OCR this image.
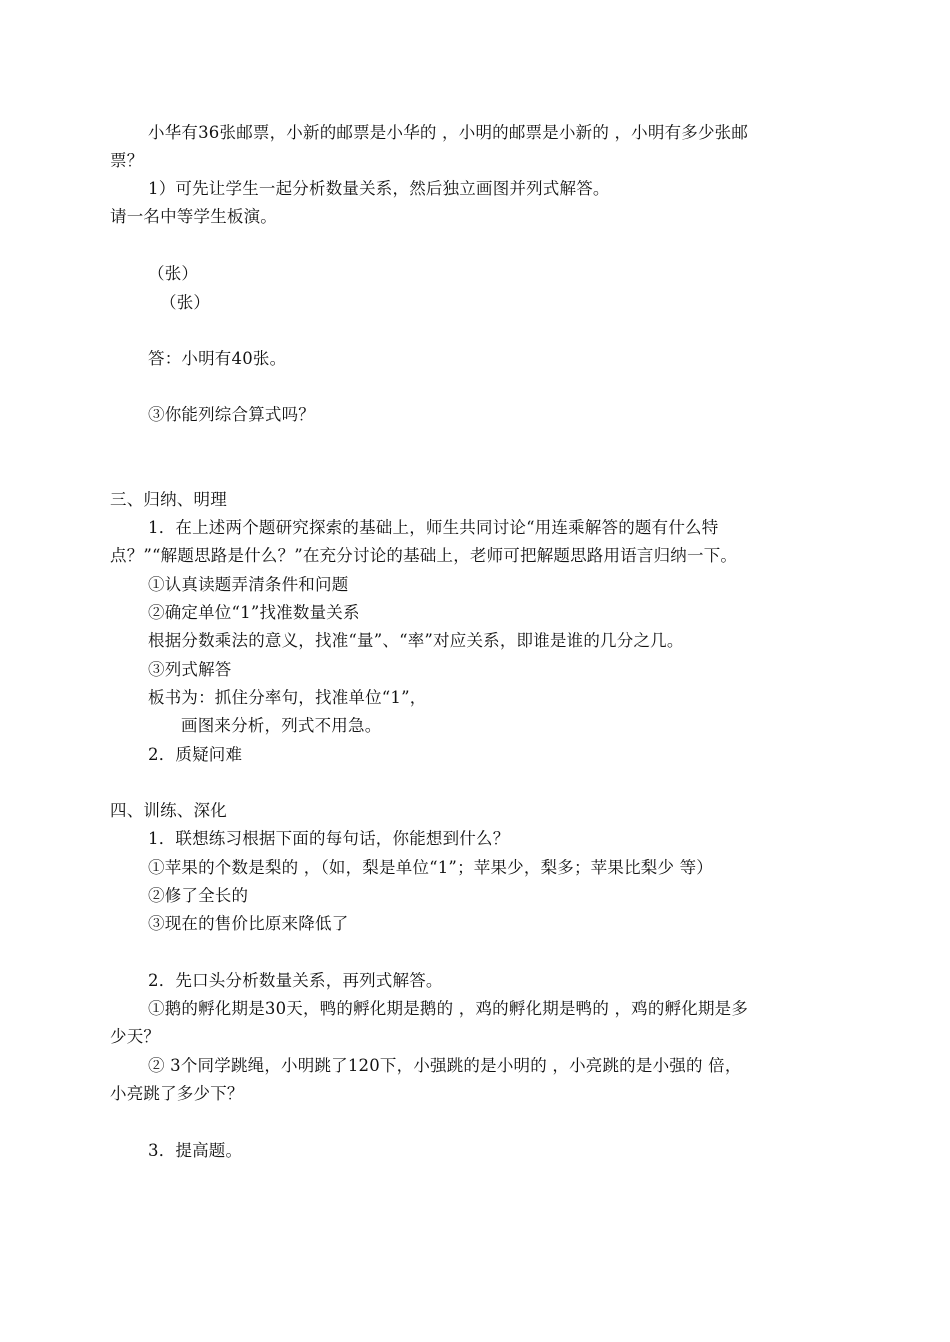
小华有36张邮票，小新的邮票是小华的 ，小明的邮票是小新的 ，小明有多少张邮
票？
1）可先让学生一起分析数量关系，然后独立画图并列式解答。
请一名中等学生板演。
（张）
（张）
答：小明有40张。
③你能列综合算式吗？
三、归纳、明理
1．在上述两个题研究探索的基础上，师生共同讨论“用连乘解答的题有什么特
点？”“解题思路是什么？”在充分讨论的基础上，老师可把解题思路用语言归纳一下。
①认真读题弄清条件和问题
②确定单位“1”找准数量关系
根据分数乘法的意义，找准“量”、“率”对应关系，即谁是谁的几分之几。
③列式解答
板书为：抓住分率句，找准单位“1”，
画图来分析，列式不用急。
2．质疑问难
四、训练、深化
1．联想练习根据下面的每句话，你能想到什么？
①苹果的个数是梨的 ，（如，梨是单位“1”；苹果少，梨多；苹果比梨少 等）
②修了全长的
③现在的售价比原来降低了
2．先口头分析数量关系，再列式解答。
①鹅的孵化期是30天，鸭的孵化期是鹅的 ，鸡的孵化期是鸭的 ，鸡的孵化期是多
少天？
② 3个同学跳绳，小明跳了120下，小强跳的是小明的 ，小亮跳的是小强的 倍，
小亮跳了多少下？
3．提高题。
